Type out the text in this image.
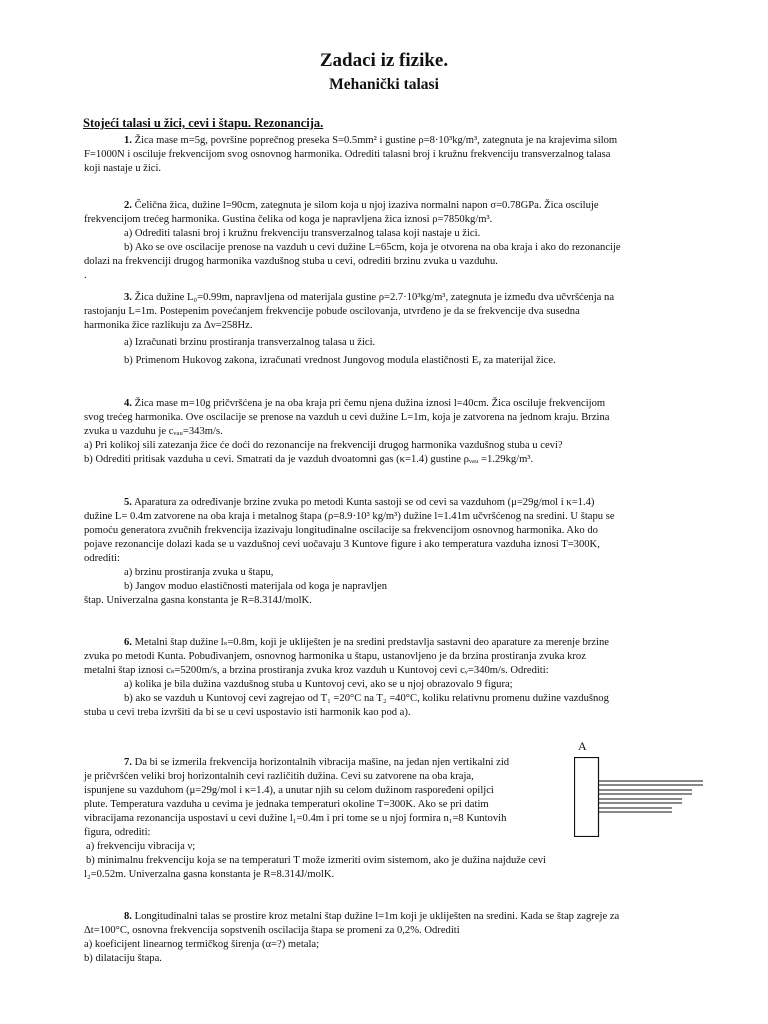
Zadaci iz fizike.
Mehanički talasi
Stojeći talasi u žici, cevi i štapu. Rezonancija.
1. Žica mase m=5g, površine poprečnog preseka S=0.5mm² i gustine ρ=8·10³kg/m³, zategnuta je na krajevima silom
F=1000N i osciluje frekvencijom svog osnovnog harmonika. Odrediti talasni broj i kružnu frekvenciju transverzalnog talasa
koji nastaje u žici.
2. Čelična žica, dužine l=90cm, zategnuta je silom koja u njoj izaziva normalni napon σ=0.78GPa. Žica osciluje
frekvencijom trećeg harmonika. Gustina čelika od koga je napravljena žica iznosi ρ=7850kg/m³.
a) Odrediti talasni broj i kružnu frekvenciju transverzalnog talasa koji nastaje u žici.
b) Ako se ove oscilacije prenose na vazduh u cevi dužine L=65cm, koja je otvorena na oba kraja i ako do rezonancije
dolazi na frekvenciji drugog harmonika vazdušnog stuba u cevi, odrediti brzinu zvuka u vazduhu.
.
3. Žica dužine L₀=0.99m, napravljena od materijala gustine ρ=2.7·10³kg/m³, zategnuta je između dva učvršćenja na
rastojanju L=1m. Postepenim povećanjem frekvencije pobude oscilovanja, utvrđeno je da se frekvencije dva susedna
harmonika žice razlikuju za Δν=258Hz.
a) Izračunati brzinu prostiranja transverzalnog talasa u žici.
b) Primenom Hukovog zakona, izračunati vrednost Jungovog modula elastičnosti Eᵧ za materijal žice.
4. Žica mase m=10g pričvršćena je na oba kraja pri čemu njena dužina iznosi l=40cm. Žica osciluje frekvencijom
svog trećeg harmonika. Ove oscilacije se prenose na vazduh u cevi dužine L=1m, koja je zatvorena na jednom kraju. Brzina
zvuka u vazduhu je cᵥₐᵤ=343m/s.
a) Pri kolikoj sili zatezanja žice će doći do rezonancije na frekvenciji drugog harmonika vazdušnog stuba u cevi?
b) Odrediti pritisak vazduha u cevi. Smatrati da je vazduh dvoatomni gas (κ=1.4) gustine ρᵥₐᵤ =1.29kg/m³.
5. Aparatura za određivanje brzine zvuka po metodi Kunta sastoji se od cevi sa vazduhom (μ=29g/mol i κ=1.4)
dužine L= 0.4m zatvorene na oba kraja i metalnog štapa (ρ=8.9·10³ kg/m³) dužine l=1.41m učvršćenog na sredini. U štapu se
pomoću generatora zvučnih frekvencija izazivaju longitudinalne oscilacije sa frekvencijom osnovnog harmonika. Ako do
pojave rezonancije dolazi kada se u vazdušnoj cevi uočavaju 3 Kuntove figure i ako temperatura vazduha iznosi T=300K,
odrediti:
a) brzinu prostiranja zvuka u štapu,
b) Jangov moduo elastičnosti materijala od koga je napravljen
štap. Univerzalna gasna konstanta je R=8.314J/molK.
6. Metalni štap dužine lₛ=0.8m, koji je ukliješten je na sredini predstavlja sastavni deo aparature za merenje brzine
zvuka po metodi Kunta. Pobuđivanjem, osnovnog harmonika u štapu, ustanovljeno je da brzina prostiranja zvuka kroz
metalni štap iznosi cₛ=5200m/s, a brzina prostiranja zvuka kroz vazduh u Kuntovoj cevi cᵥ=340m/s. Odrediti:
a) kolika je bila dužina vazdušnog stuba u Kuntovoj cevi, ako se u njoj obrazovalo 9 figura;
b) ako se vazduh u Kuntovoj cevi zagrejao od T₁ =20°C na T₂ =40°C, koliku relativnu promenu dužine vazdušnog
stuba u cevi treba izvršiti da bi se u cevi uspostavio isti harmonik kao pod a).
7. Da bi se izmerila frekvencija horizontalnih vibracija mašine, na jedan njen vertikalni zid
je pričvršćen veliki broj horizontalnih cevi različitih dužina. Cevi su zatvorene na oba kraja,
ispunjene su vazduhom (μ=29g/mol i κ=1.4), a unutar njih su celom dužinom raspoređeni opiljci
plute. Temperatura vazduha u cevima je jednaka temperaturi okoline T=300K. Ako se pri datim
vibracijama rezonancija uspostavi u cevi dužine l₁=0.4m i pri tome se u njoj formira n₁=8 Kuntovih
figura, odrediti:
a) frekvenciju vibracija ν;
b) minimalnu frekvenciju koja se na temperaturi T može izmeriti ovim sistemom, ako je dužina najduže cevi
l₂=0.52m. Univerzalna gasna konstanta je R=8.314J/molK.
A
8. Longitudinalni talas se prostire kroz metalni štap dužine l=1m koji je ukliješten na sredini. Kada se štap zagreje za
Δt=100°C, osnovna frekvencija sopstvenih oscilacija štapa se promeni za 0,2%. Odrediti
a) koeficijent linearnog termičkog širenja (α=?) metala;
b) dilataciju štapa.
